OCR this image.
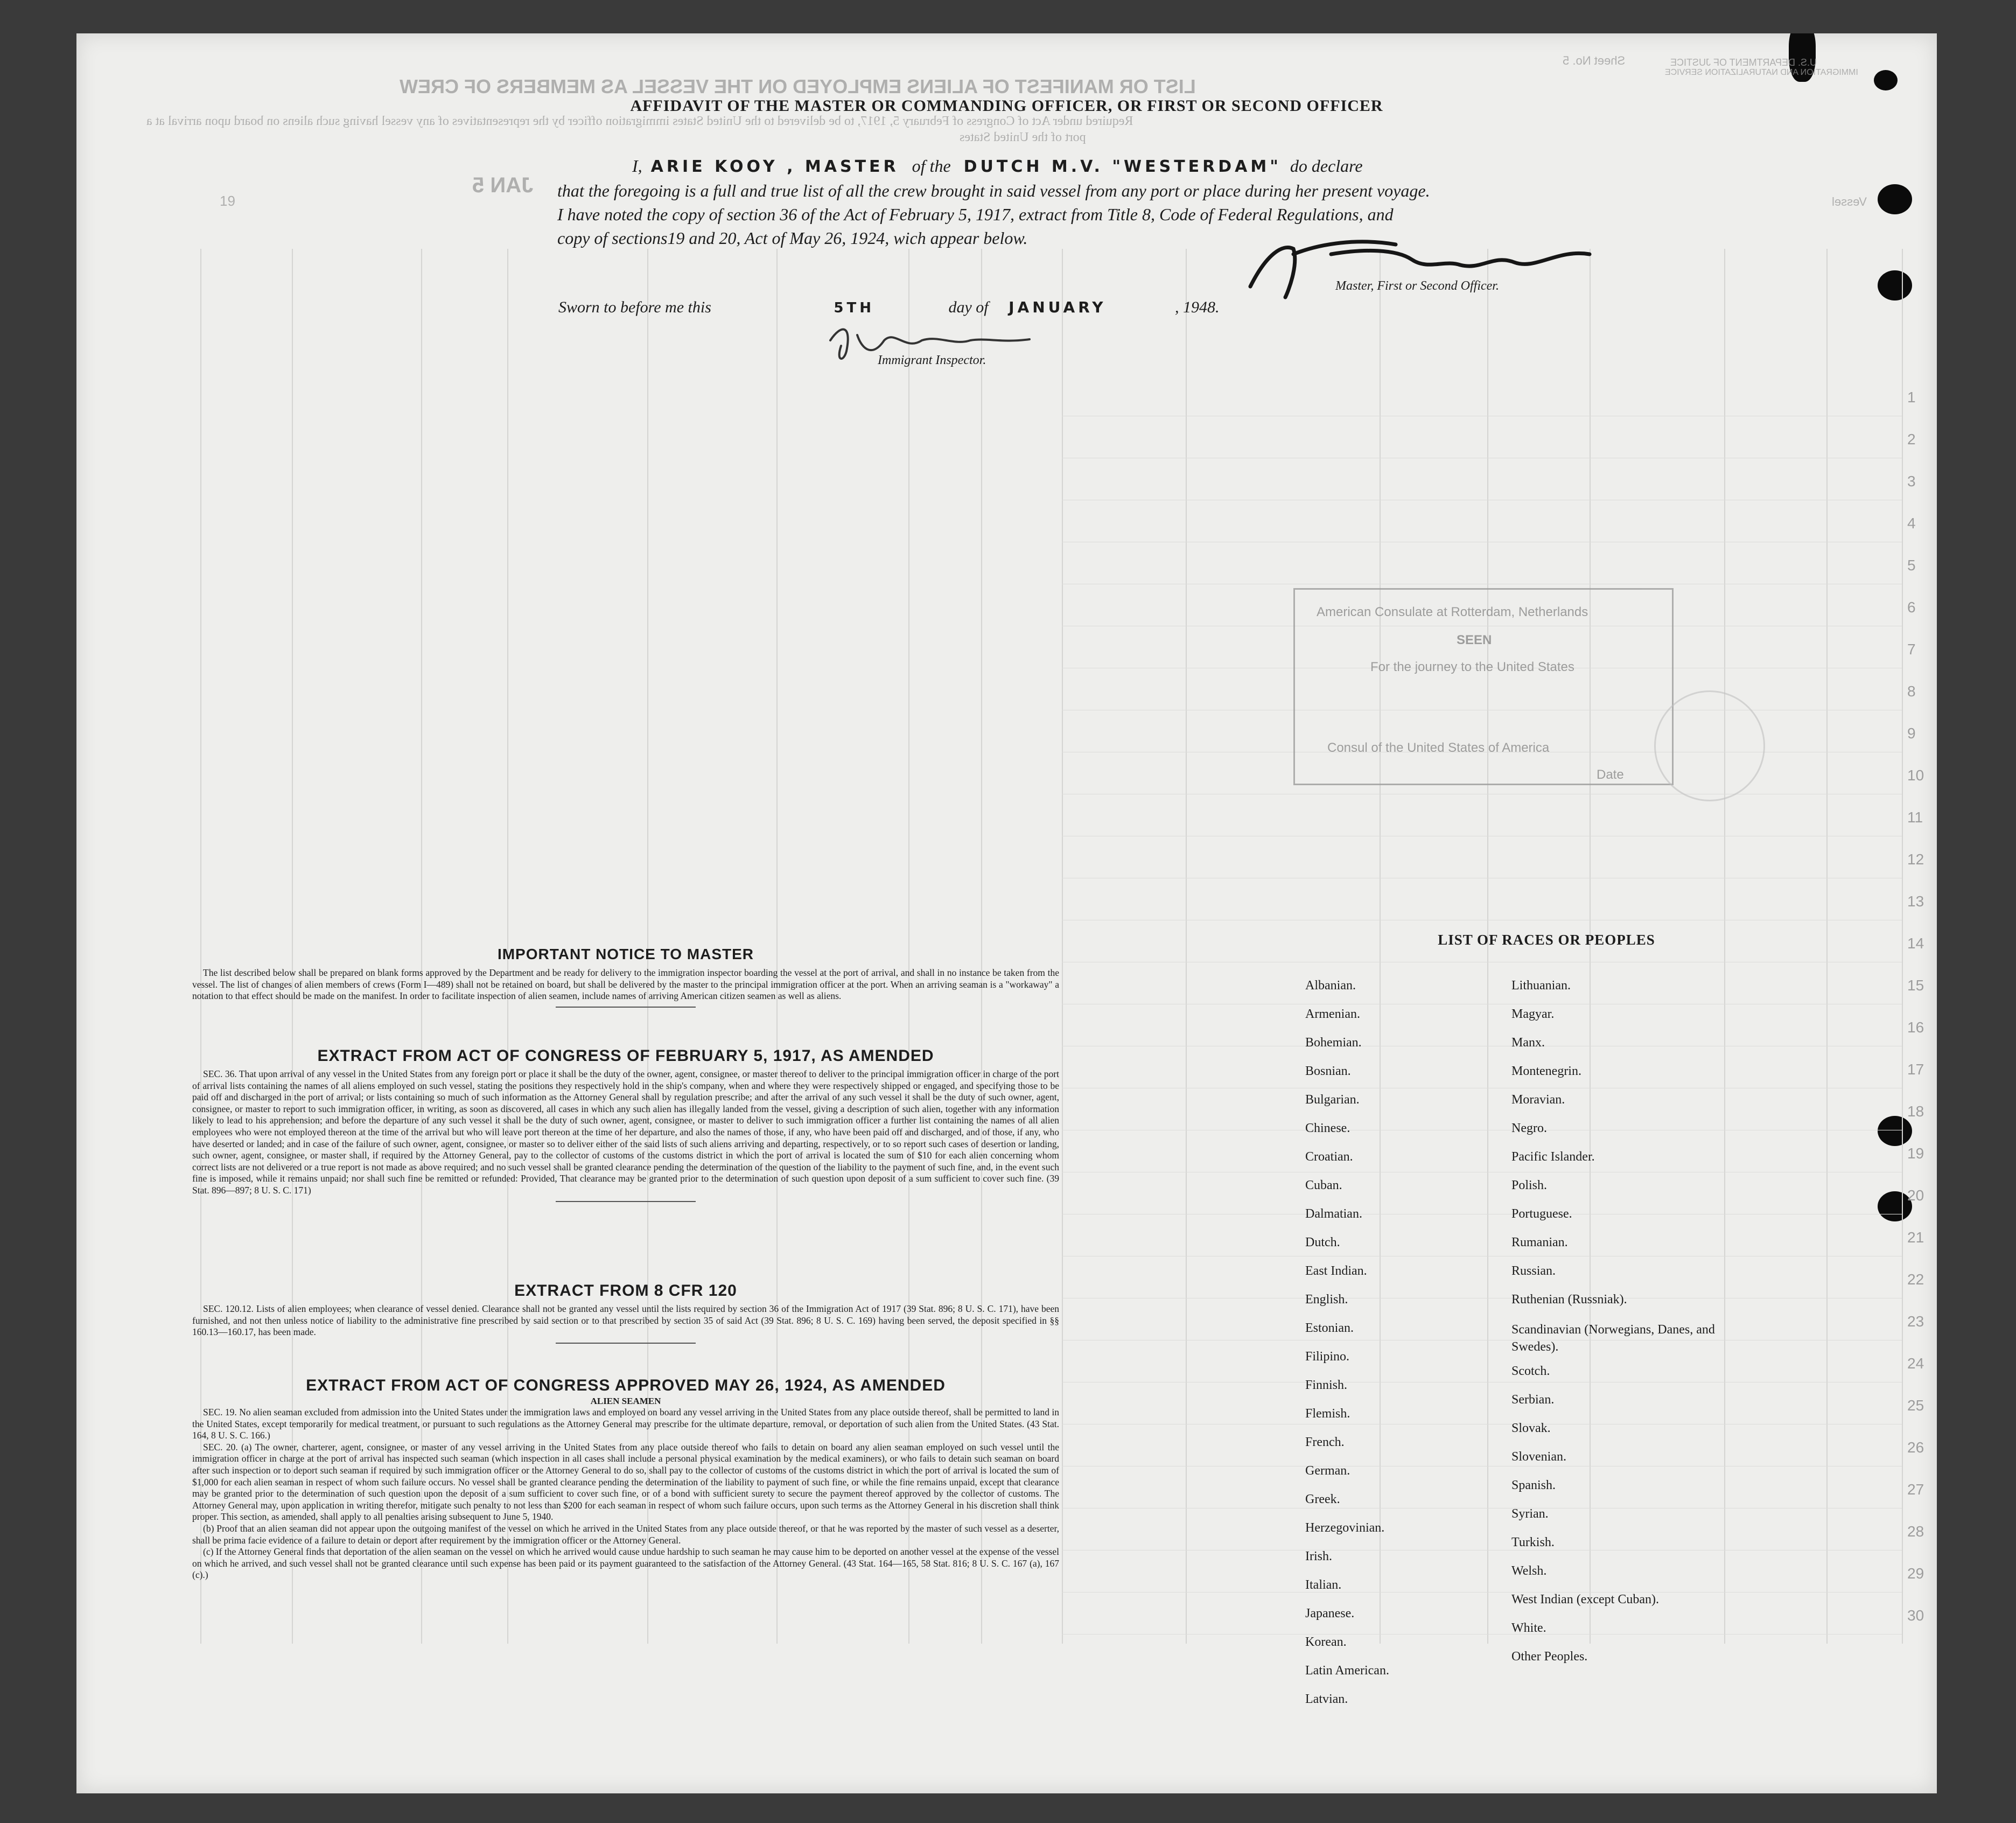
LIST OR MANIFEST OF ALIENS EMPLOYED ON THE VESSEL AS MEMBERS OF CREW
Required under Act of Congress of February 5, 1917, to be delivered to the United States immigration officer by the representatives of any vessel having such aliens on board upon arrival at a
port of the United States
Sheet No. 5	U.S. DEPARTMENT OF JUSTICE
IMMIGRATION AND NATURALIZATION SERVICE
JAN 5
Vessel
19
1
2
3
4
5
6
7
8
9
10
11
12
13
14
15
16
17
18
19
20
21
22
23
24
25
26
27
28
29
30
AFFIDAVIT OF THE MASTER OR COMMANDING OFFICER, OR FIRST OR SECOND OFFICER
I, ARIE KOOY , MASTER of the DUTCH M.V. "WESTERDAM" do declare
that the foregoing is a full and true list of all the crew brought in said vessel from any port or place during her present voyage.
I have noted the copy of section 36 of the Act of February 5, 1917, extract from Title 8, Code of Federal Regulations, and
copy of sections19 and 20, Act of May 26, 1924, wich appear below.
Master, First or Second Officer.
Sworn to before me this	5TH	day of JANUARY	, 1948.
Immigrant Inspector.
American Consulate at Rotterdam, Netherlands
SEEN
For the journey to the United States
Consul of the United States of America
Date
IMPORTANT NOTICE TO MASTER

The list described below shall be prepared on blank forms approved by the Department and be ready for delivery to the immigration inspector boarding the vessel at the port of arrival, and shall in no instance be taken from the vessel. The list of changes of alien members of crews (Form I—489) shall not be retained on board, but shall be delivered by the master to the principal immigration officer at the port. When an arriving seaman is a "workaway" a notation to that effect should be made on the manifest. In order to facilitate inspection of alien seamen, include names of arriving American citizen seamen as well as aliens.

EXTRACT FROM ACT OF CONGRESS OF FEBRUARY 5, 1917, AS AMENDED

SEC. 36. That upon arrival of any vessel in the United States from any foreign port or place it shall be the duty of the owner, agent, consignee, or master thereof to deliver to the principal immigration officer in charge of the port of arrival lists containing the names of all aliens employed on such vessel, stating the positions they respectively hold in the ship's company, when and where they were respectively shipped or engaged, and specifying those to be paid off and discharged in the port of arrival; or lists containing so much of such information as the Attorney General shall by regulation prescribe; and after the arrival of any such vessel it shall be the duty of such owner, agent, consignee, or master to report to such immigration officer, in writing, as soon as discovered, all cases in which any such alien has illegally landed from the vessel, giving a description of such alien, together with any information likely to lead to his apprehension; and before the departure of any such vessel it shall be the duty of such owner, agent, consignee, or master to deliver to such immigration officer a further list containing the names of all alien employees who were not employed thereon at the time of the arrival but who will leave port thereon at the time of her departure, and also the names of those, if any, who have been paid off and discharged, and of those, if any, who have deserted or landed; and in case of the failure of such owner, agent, consignee, or master so to deliver either of the said lists of such aliens arriving and departing, respectively, or to so report such cases of desertion or landing, such owner, agent, consignee, or master shall, if required by the Attorney General, pay to the collector of customs of the customs district in which the port of arrival is located the sum of $10 for each alien concerning whom correct lists are not delivered or a true report is not made as above required; and no such vessel shall be granted clearance pending the determination of the question of the liability to the payment of such fine, and, in the event such fine is imposed, while it remains unpaid; nor shall such fine be remitted or refunded: Provided, That clearance may be granted prior to the determination of such question upon deposit of a sum sufficient to cover such fine. (39 Stat. 896—897; 8 U. S. C. 171)

EXTRACT FROM 8 CFR 120

SEC. 120.12. Lists of alien employees; when clearance of vessel denied. Clearance shall not be granted any vessel until the lists required by section 36 of the Immigration Act of 1917 (39 Stat. 896; 8 U. S. C. 171), have been furnished, and not then unless notice of liability to the administrative fine prescribed by said section or to that prescribed by section 35 of said Act (39 Stat. 896; 8 U. S. C. 169) having been served, the deposit specified in §§ 160.13—160.17, has been made.

EXTRACT FROM ACT OF CONGRESS APPROVED MAY 26, 1924, AS AMENDED
ALIEN SEAMEN

SEC. 19. No alien seaman excluded from admission into the United States under the immigration laws and employed on board any vessel arriving in the United States from any place outside thereof, shall be permitted to land in the United States, except temporarily for medical treatment, or pursuant to such regulations as the Attorney General may prescribe for the ultimate departure, removal, or deportation of such alien from the United States. (43 Stat. 164, 8 U. S. C. 166.)

SEC. 20. (a) The owner, charterer, agent, consignee, or master of any vessel arriving in the United States from any place outside thereof who fails to detain on board any alien seaman employed on such vessel until the immigration officer in charge at the port of arrival has inspected such seaman (which inspection in all cases shall include a personal physical examination by the medical examiners), or who fails to detain such seaman on board after such inspection or to deport such seaman if required by such immigration officer or the Attorney General to do so, shall pay to the collector of customs of the customs district in which the port of arrival is located the sum of $1,000 for each alien seaman in respect of whom such failure occurs. No vessel shall be granted clearance pending the determination of the liability to payment of such fine, or while the fine remains unpaid, except that clearance may be granted prior to the determination of such question upon the deposit of a sum sufficient to cover such fine, or of a bond with sufficient surety to secure the payment thereof approved by the collector of customs. The Attorney General may, upon application in writing therefor, mitigate such penalty to not less than $200 for each seaman in respect of whom such failure occurs, upon such terms as the Attorney General in his discretion shall think proper. This section, as amended, shall apply to all penalties arising subsequent to June 5, 1940.

(b) Proof that an alien seaman did not appear upon the outgoing manifest of the vessel on which he arrived in the United States from any place outside thereof, or that he was reported by the master of such vessel as a deserter, shall be prima facie evidence of a failure to detain or deport after requirement by the immigration officer or the Attorney General.

(c) If the Attorney General finds that deportation of the alien seaman on the vessel on which he arrived would cause undue hardship to such seaman he may cause him to be deported on another vessel at the expense of the vessel on which he arrived, and such vessel shall not be granted clearance until such expense has been paid or its payment guaranteed to the satisfaction of the Attorney General. (43 Stat. 164—165, 58 Stat. 816; 8 U. S. C. 167 (a), 167 (c).)

LIST OF RACES OR PEOPLES
Albanian.
Armenian.
Bohemian.
Bosnian.
Bulgarian.
Chinese.
Croatian.
Cuban.
Dalmatian.
Dutch.
East Indian.
English.
Estonian.
Filipino.
Finnish.
Flemish.
French.
German.
Greek.
Herzegovinian.
Irish.
Italian.
Japanese.
Korean.
Latin American.
Latvian.
Lithuanian.
Magyar.
Manx.
Montenegrin.
Moravian.
Negro.
Pacific Islander.
Polish.
Portuguese.
Rumanian.
Russian.
Ruthenian (Russniak).
Scandinavian (Norwegians, Danes, and Swedes).
Scotch.
Serbian.
Slovak.
Slovenian.
Spanish.
Syrian.
Turkish.
Welsh.
West Indian (except Cuban).
White.
Other Peoples.
